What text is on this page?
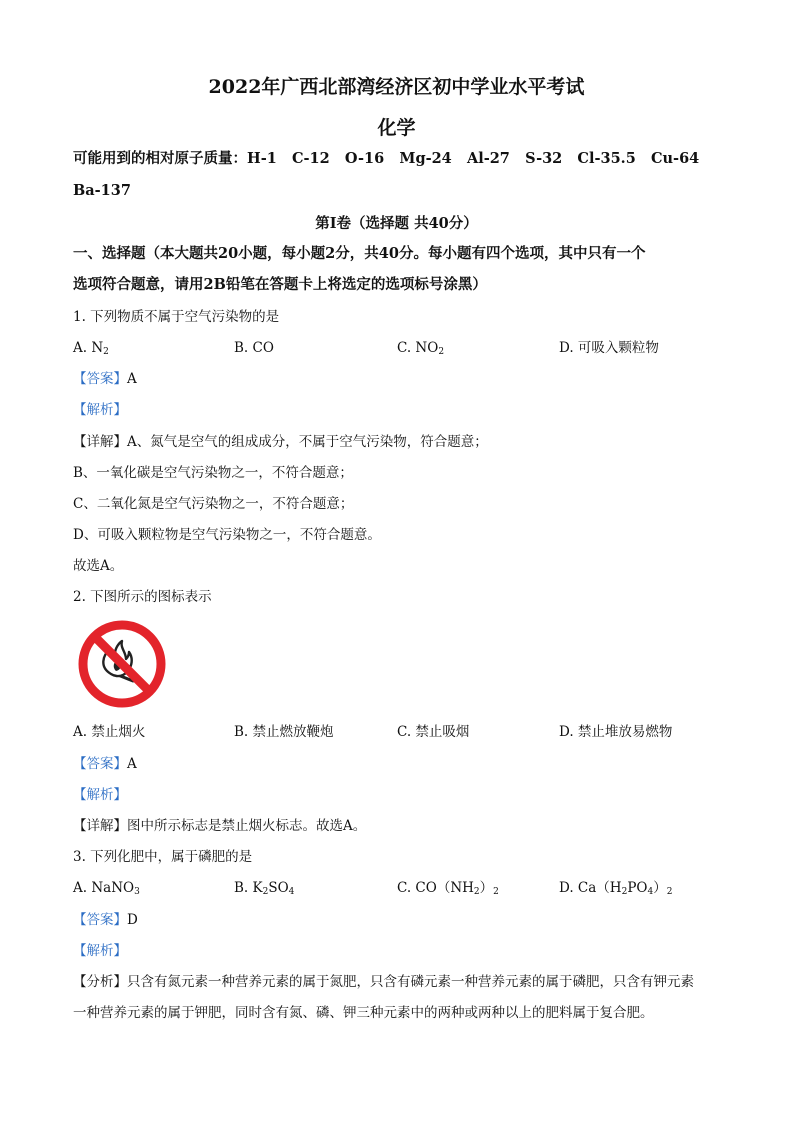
2022年广西北部湾经济区初中学业水平考试
化学
可能用到的相对原子质量：H-1 C-12 O-16 Mg-24 Al-27 S-32 Cl-35.5 Cu-64
Ba-137
第Ⅰ卷（选择题 共40分）
一、选择题（本大题共20小题，每小题2分，共40分。每小题有四个选项，其中只有一个
选项符合题意，请用2B铅笔在答题卡上将选定的选项标号涂黑）
1. 下列物质不属于空气污染物的是
A. $N_2$	B. CO	C. $NO_2$	D. 可吸入颗粒物
【答案】A
【解析】
【详解】A、氮气是空气的组成成分，不属于空气污染物，符合题意；
B、一氧化碳是空气污染物之一，不符合题意；
C、二氧化氮是空气污染物之一，不符合题意；
D、可吸入颗粒物是空气污染物之一，不符合题意。
故选A。
2. 下图所示的图标表示
A. 禁止烟火	B. 禁止燃放鞭炮	C. 禁止吸烟	D. 禁止堆放易燃物
【答案】A
【解析】
【详解】图中所示标志是禁止烟火标志。故选A。
3. 下列化肥中，属于磷肥的是
A. NaNO$_3$	B. $K_2SO_4$	C. $CO(NH_2)_2$	D. $Ca(H_2PO_4)_2$
【答案】D
【解析】
【分析】只含有氮元素一种营养元素的属于氮肥，只含有磷元素一种营养元素的属于磷肥，只含有钾元素
一种营养元素的属于钾肥，同时含有氮、磷、钾三种元素中的两种或两种以上的肥料属于复合肥。
